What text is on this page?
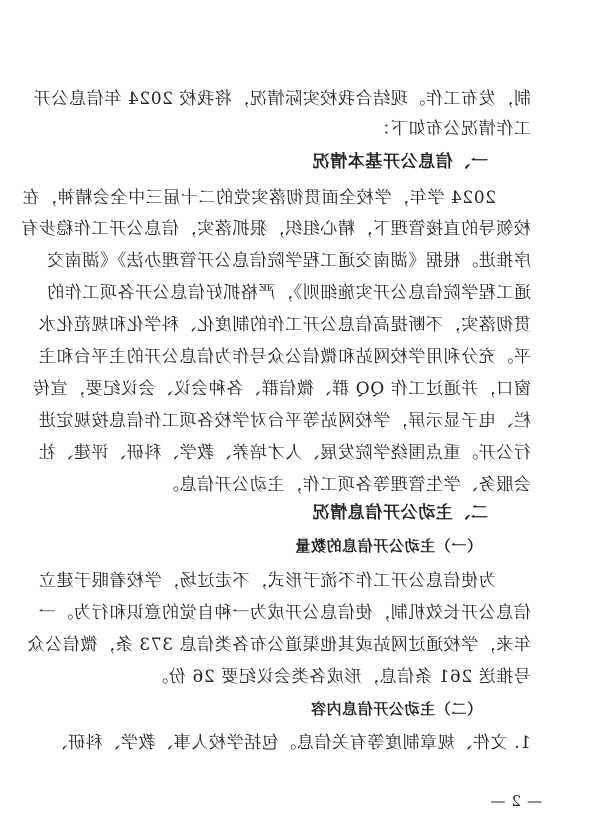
制，发布工作。现结合我校实际情况，将我校 2024 年信息公开
工作情况公布如下：
一、信息公开基本情况
2024 学年，学校全面贯彻落实党的二十届三中全会精神，在
校领导的直接管理下，精心组织，狠抓落实，信息公开工作稳步有
序推进。根据《湖南交通工程学院信息公开管理办法》《湖南交
通工程学院信息公开实施细则》，严格抓好信息公开各项工作的
贯彻落实，不断提高信息公开工作的制度化、科学化和规范化水
平。充分利用学校网站和微信公众号作为信息公开的主平台和主
窗口，并通过工作 QQ 群、微信群、各种会议、会议纪要，宣传
栏、电子显示屏，学校网站等平台对学校各项工作信息按规定进
行公开。重点围绕学院发展、人才培养、教学、科研、评建、社
会服务、学生管理等各项工作，主动公开信息。
二、主动公开信息情况
（一）主动公开信息的数量
为使信息公开工作不流于形式，不走过场，学校着眼于建立
信息公开长效机制，使信息公开成为一种自觉的意识和行为。一
年来，学校通过网站或其他渠道公布各类信息 373 条，微信公众
号推送 261 条信息，形成各类会议纪要 26 份。
（二）主动公开信息内容
1. 文件、规章制度等有关信息。包括学校人事、教学、科研、
— 2 —
